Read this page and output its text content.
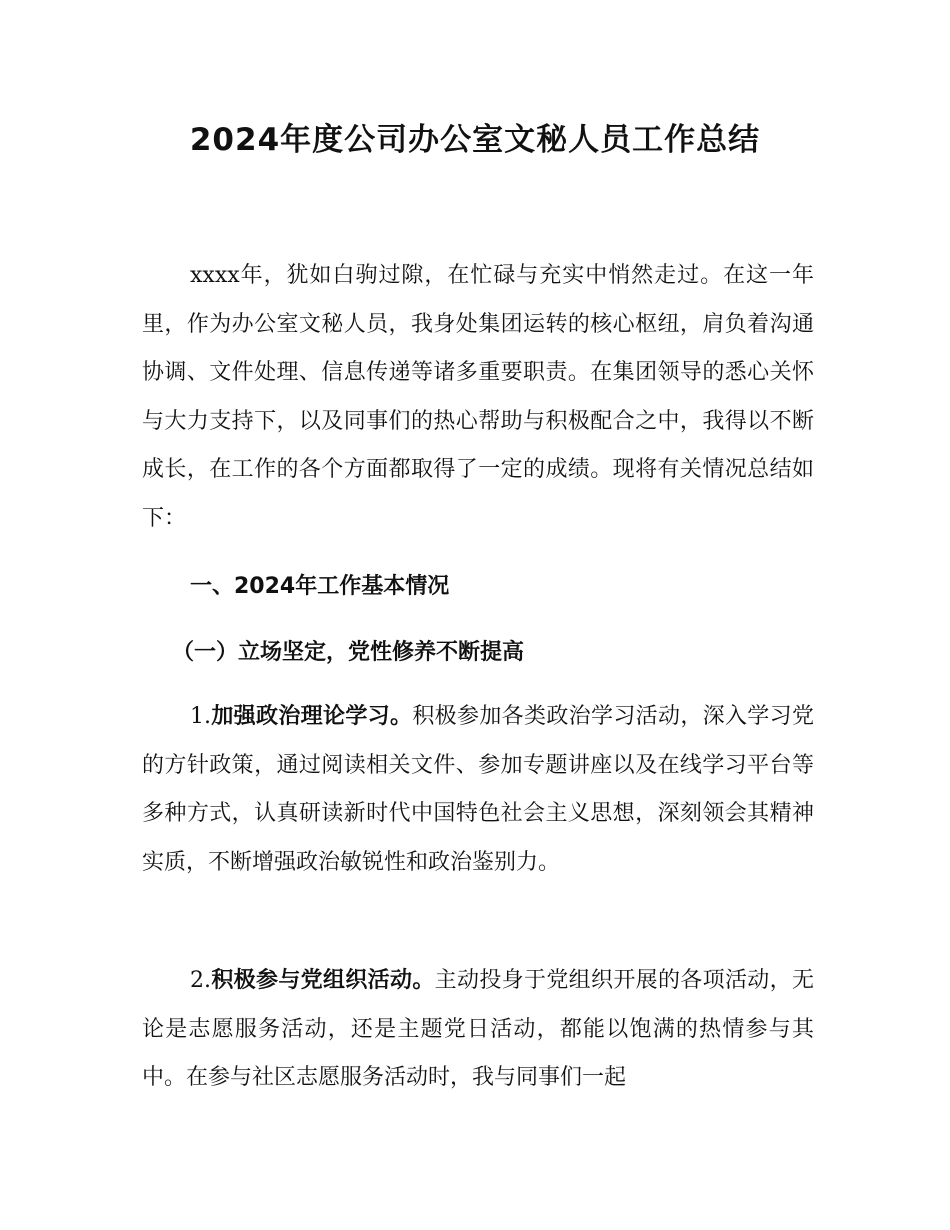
2024年度公司办公室文秘人员工作总结

xxxx年，犹如白驹过隙，在忙碌与充实中悄然走过。在这一年里，作为办公室文秘人员，我身处集团运转的核心枢纽，肩负着沟通协调、文件处理、信息传递等诸多重要职责。在集团领导的悉心关怀与大力支持下，以及同事们的热心帮助与积极配合之中，我得以不断成长，在工作的各个方面都取得了一定的成绩。现将有关情况总结如下：

一、2024年工作基本情况
（一）立场坚定，党性修养不断提高

1.加强政治理论学习。积极参加各类政治学习活动，深入学习党的方针政策，通过阅读相关文件、参加专题讲座以及在线学习平台等多种方式，认真研读新时代中国特色社会主义思想，深刻领会其精神实质，不断增强政治敏锐性和政治鉴别力。

2.积极参与党组织活动。主动投身于党组织开展的各项活动，无论是志愿服务活动，还是主题党日活动，都能以饱满的热情参与其中。在参与社区志愿服务活动时，我与同事们一起
